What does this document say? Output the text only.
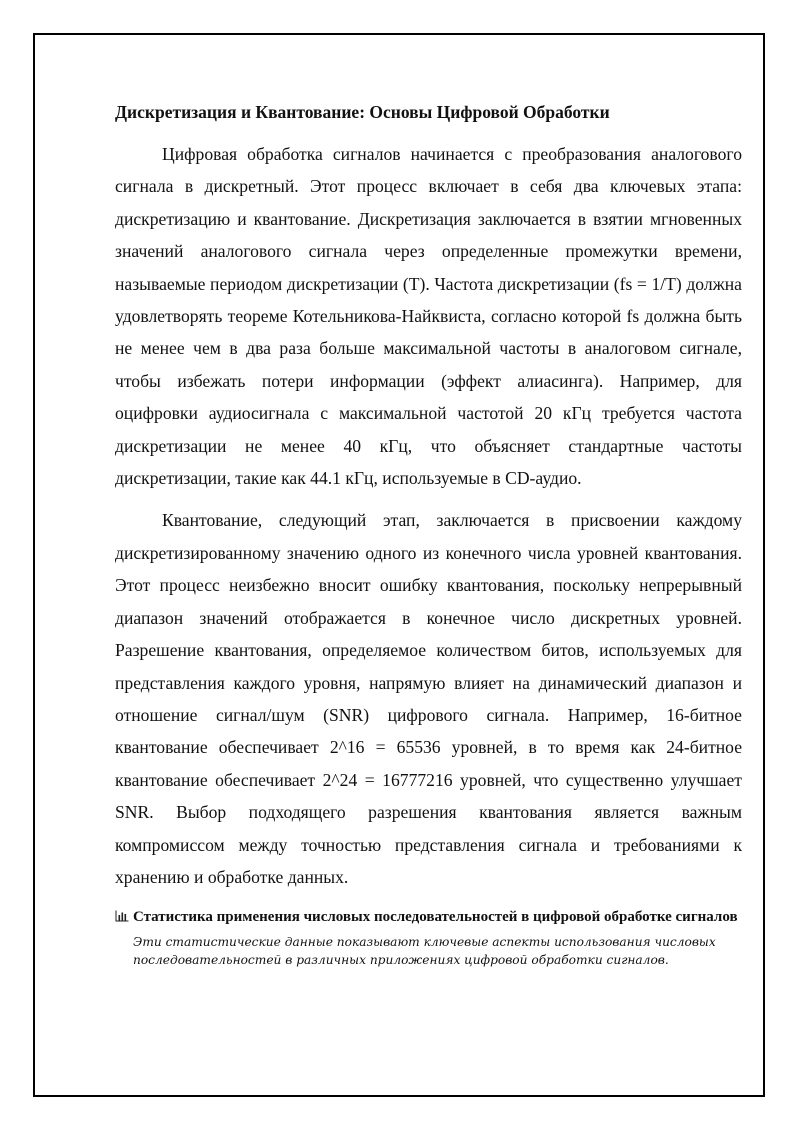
Дискретизация и Квантование: Основы Цифровой Обработки

Цифровая обработка сигналов начинается с преобразования аналогового сигнала в дискретный. Этот процесс включает в себя два ключевых этапа: дискретизацию и квантование. Дискретизация заключается в взятии мгновенных значений аналогового сигнала через определенные промежутки времени, называемые периодом дискретизации (T). Частота дискретизации (fs = 1/T) должна удовлетворять теореме Котельникова-Найквиста, согласно которой fs должна быть не менее чем в два раза больше максимальной частоты в аналоговом сигнале, чтобы избежать потери информации (эффект алиасинга). Например, для оцифровки аудиосигнала с максимальной частотой 20 кГц требуется частота дискретизации не менее 40 кГц, что объясняет стандартные частоты дискретизации, такие как 44.1 кГц, используемые в CD-аудио.

Квантование, следующий этап, заключается в присвоении каждому дискретизированному значению одного из конечного числа уровней квантования. Этот процесс неизбежно вносит ошибку квантования, поскольку непрерывный диапазон значений отображается в конечное число дискретных уровней. Разрешение квантования, определяемое количеством битов, используемых для представления каждого уровня, напрямую влияет на динамический диапазон и отношение сигнал/шум (SNR) цифрового сигнала. Например, 16-битное квантование обеспечивает 2^16 = 65536 уровней, в то время как 24-битное квантование обеспечивает 2^24 = 16777216 уровней, что существенно улучшает SNR. Выбор подходящего разрешения квантования является важным компромиссом между точностью представления сигнала и требованиями к хранению и обработке данных.

Статистика применения числовых последовательностей в цифровой обработке сигналов

Эти статистические данные показывают ключевые аспекты использования числовых последовательностей в различных приложениях цифровой обработки сигналов.
